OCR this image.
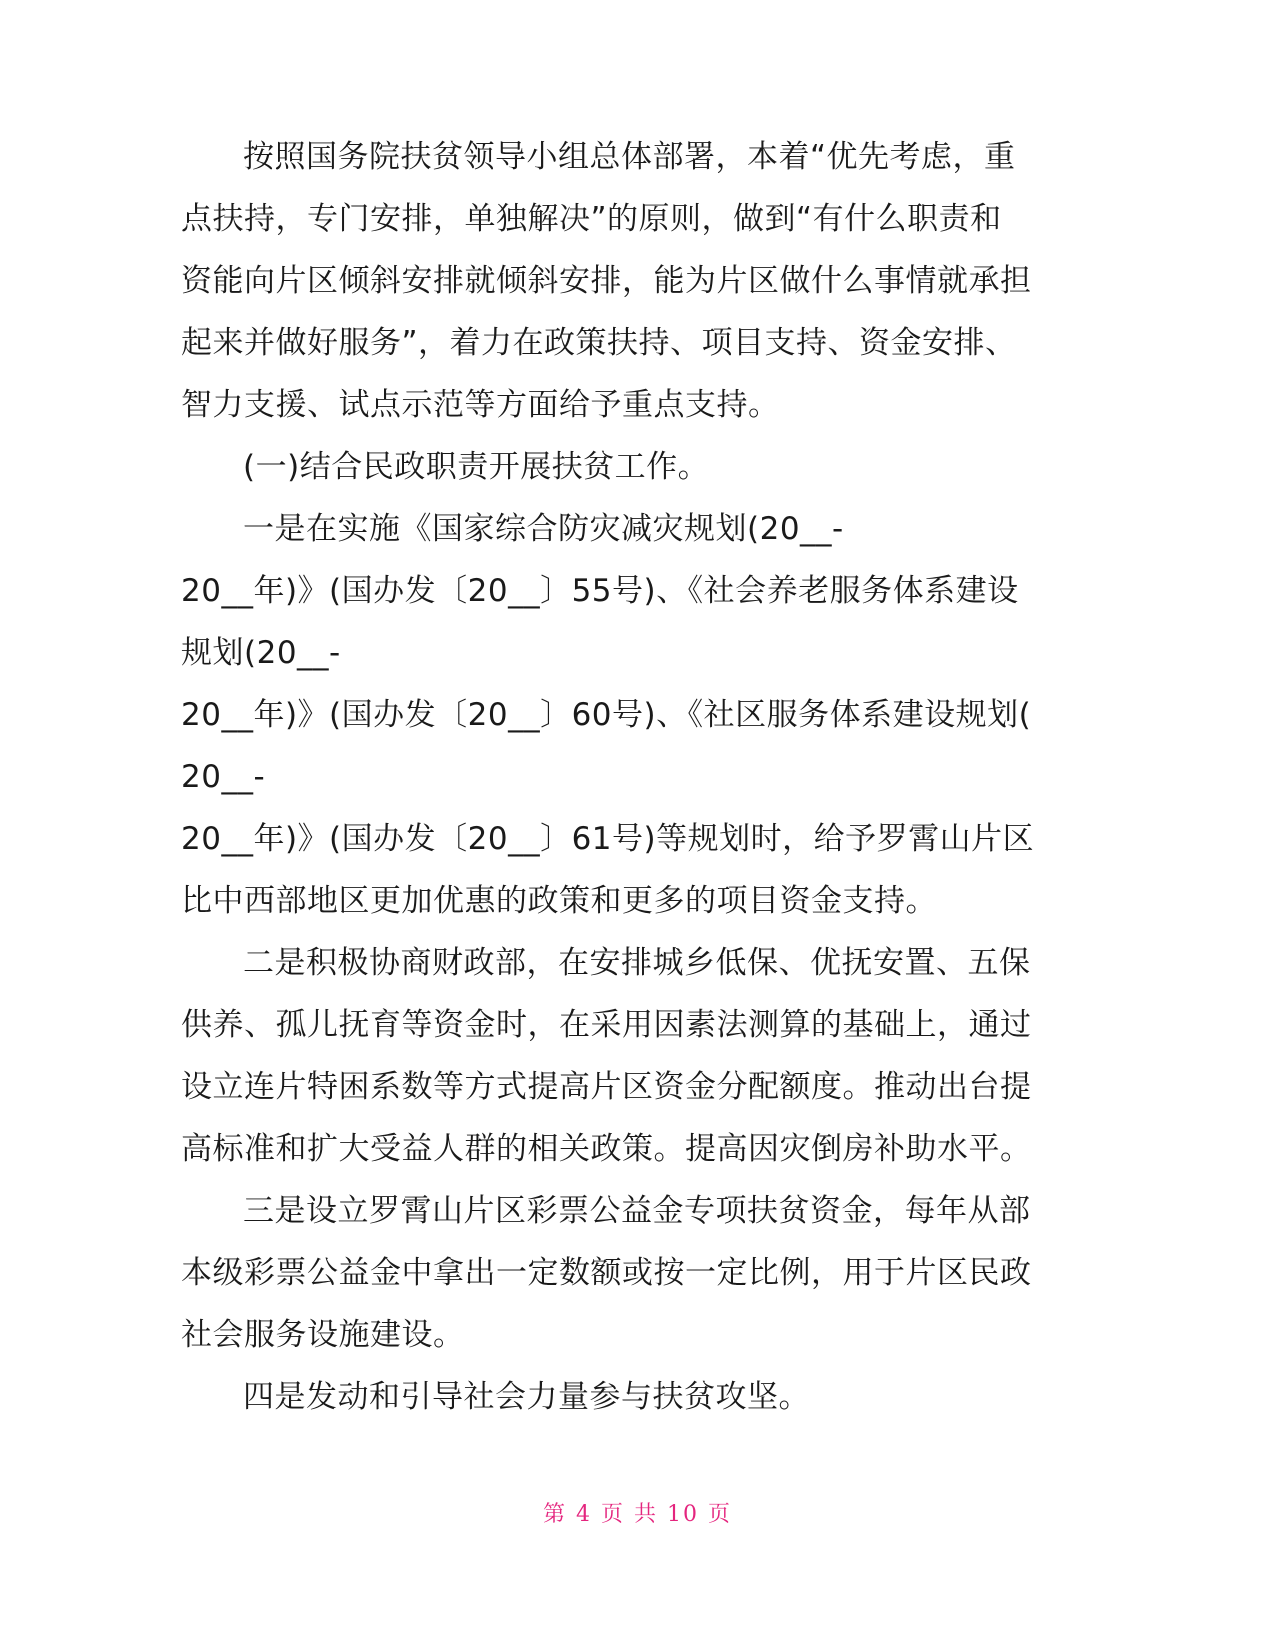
按照国务院扶贫领导小组总体部署，本着“优先考虑，重
点扶持，专门安排，单独解决”的原则，做到“有什么职责和
资能向片区倾斜安排就倾斜安排，能为片区做什么事情就承担
起来并做好服务”，着力在政策扶持、项目支持、资金安排、
智力支援、试点示范等方面给予重点支持。
(一)结合民政职责开展扶贫工作。
一是在实施《国家综合防灾减灾规划(20__-
20__年)》(国办发〔20__〕55号)、《社会养老服务体系建设
规划(20__-
20__年)》(国办发〔20__〕60号)、《社区服务体系建设规划(
20__-
20__年)》(国办发〔20__〕61号)等规划时，给予罗霄山片区
比中西部地区更加优惠的政策和更多的项目资金支持。
二是积极协商财政部，在安排城乡低保、优抚安置、五保
供养、孤儿抚育等资金时，在采用因素法测算的基础上，通过
设立连片特困系数等方式提高片区资金分配额度。推动出台提
高标准和扩大受益人群的相关政策。提高因灾倒房补助水平。
三是设立罗霄山片区彩票公益金专项扶贫资金，每年从部
本级彩票公益金中拿出一定数额或按一定比例，用于片区民政
社会服务设施建设。
四是发动和引导社会力量参与扶贫攻坚。
第 4 页 共 10 页
